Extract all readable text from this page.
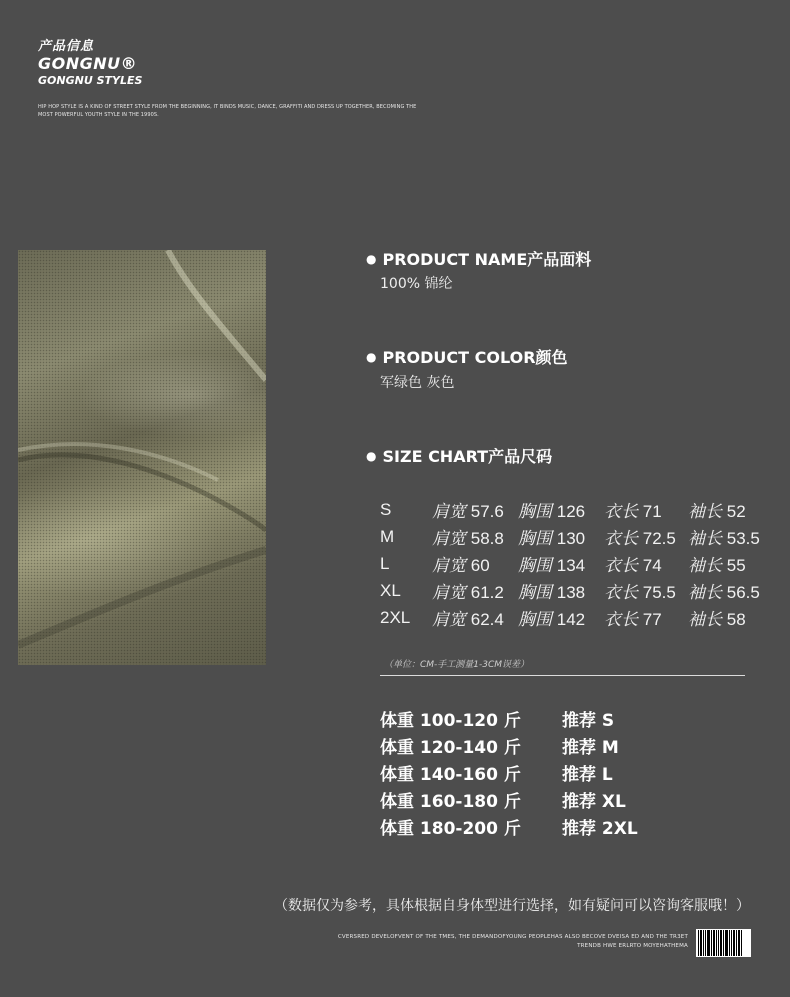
产品信息
GONGNU®
GONGNU STYLES
HIP HOP STYLE IS A KIND OF STREET STYLE FROM THE BEGINNING, IT BINDS MUSIC, DANCE, GRAFFITI AND DRESS UP TOGETHER, BECOMING THE MOST POWERFUL YOUTH STYLE IN THE 1990S.
● PRODUCT NAME产品面料
100% 锦纶
● PRODUCT COLOR颜色
军绿色 灰色
● SIZE CHART产品尺码
S	肩宽 57.6 胸围 126	衣长 71	袖长 52
M	肩宽 58.8 胸围 130	衣长 72.5 袖长 53.5
L	肩宽 60	胸围 134	衣长 74	袖长 55
XL	肩宽 61.2 胸围 138	衣长 75.5 袖长 56.5
2XL	肩宽 62.4 胸围 142	衣长 77	袖长 58
（单位：CM-手工测量1-3CM误差）
体重 100-120 斤	推荐 S
体重 120-140 斤	推荐 M
体重 140-160 斤	推荐 L
体重 160-180 斤	推荐 XL
体重 180-200 斤	推荐 2XL
（数据仅为参考，具体根据自身体型进行选择，如有疑问可以咨询客服哦！）
CVERSRED DEVELOFVENT OF THE TMES, THE DEMANDOFYOUNG PEOPLEHAS ALSO BECOVE DVEISA ED AND THE TR3ET TRENDB HWE ERLRTO MOYEHATHEMA
